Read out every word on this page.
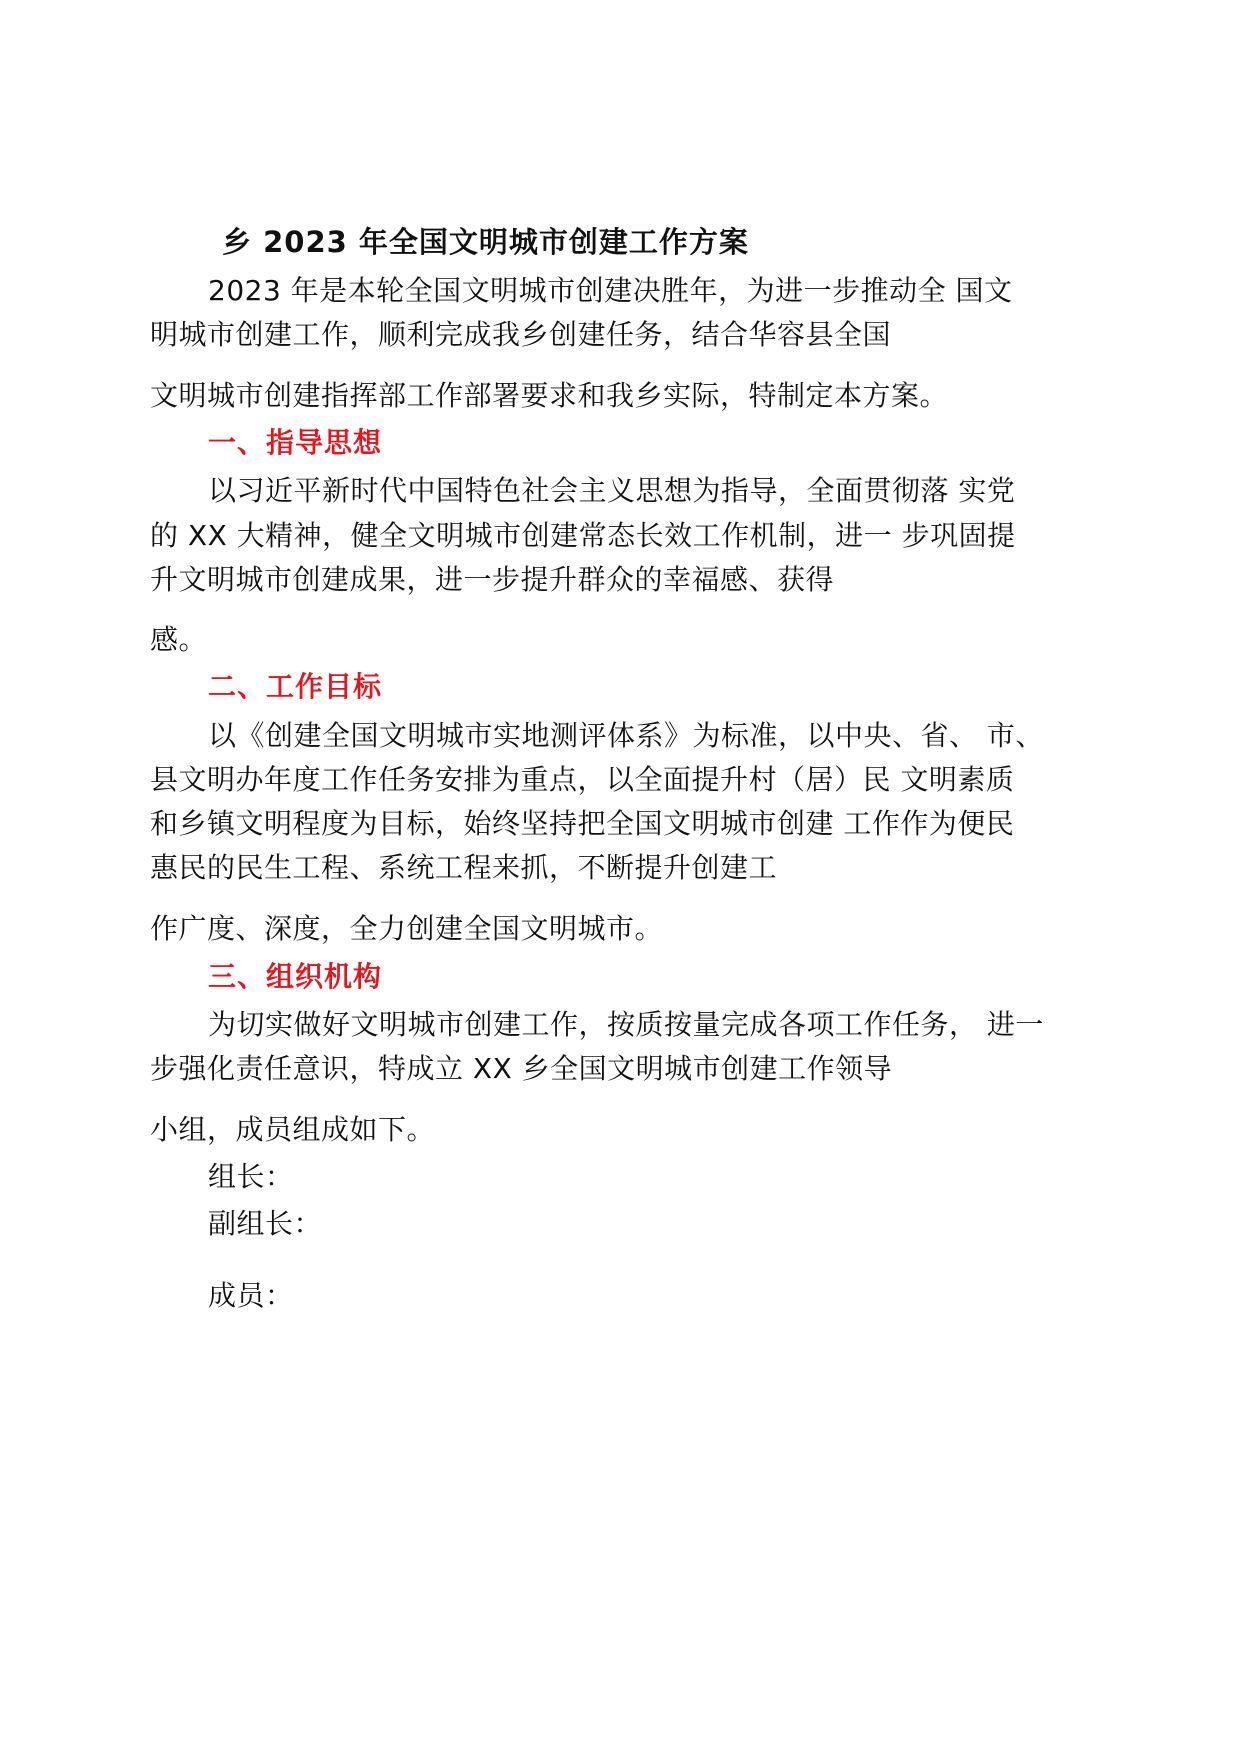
乡 2023 年全国文明城市创建工作方案
2023 年是本轮全国文明城市创建决胜年，为进一步推动全 国文
明城市创建工作，顺利完成我乡创建任务，结合华容县全国
文明城市创建指挥部工作部署要求和我乡实际，特制定本方案。
一、指导思想
以习近平新时代中国特色社会主义思想为指导，全面贯彻落 实党
的 XX 大精神，健全文明城市创建常态长效工作机制，进一 步巩固提
升文明城市创建成果，进一步提升群众的幸福感、获得
感。
二、工作目标
以《创建全国文明城市实地测评体系》为标准，以中央、省、 市、
县文明办年度工作任务安排为重点，以全面提升村（居）民 文明素质
和乡镇文明程度为目标，始终坚持把全国文明城市创建 工作作为便民
惠民的民生工程、系统工程来抓，不断提升创建工
作广度、深度，全力创建全国文明城市。
三、组织机构
为切实做好文明城市创建工作，按质按量完成各项工作任务， 进一
步强化责任意识，特成立 XX 乡全国文明城市创建工作领导
小组，成员组成如下。
组长：
副组长：
成员：
